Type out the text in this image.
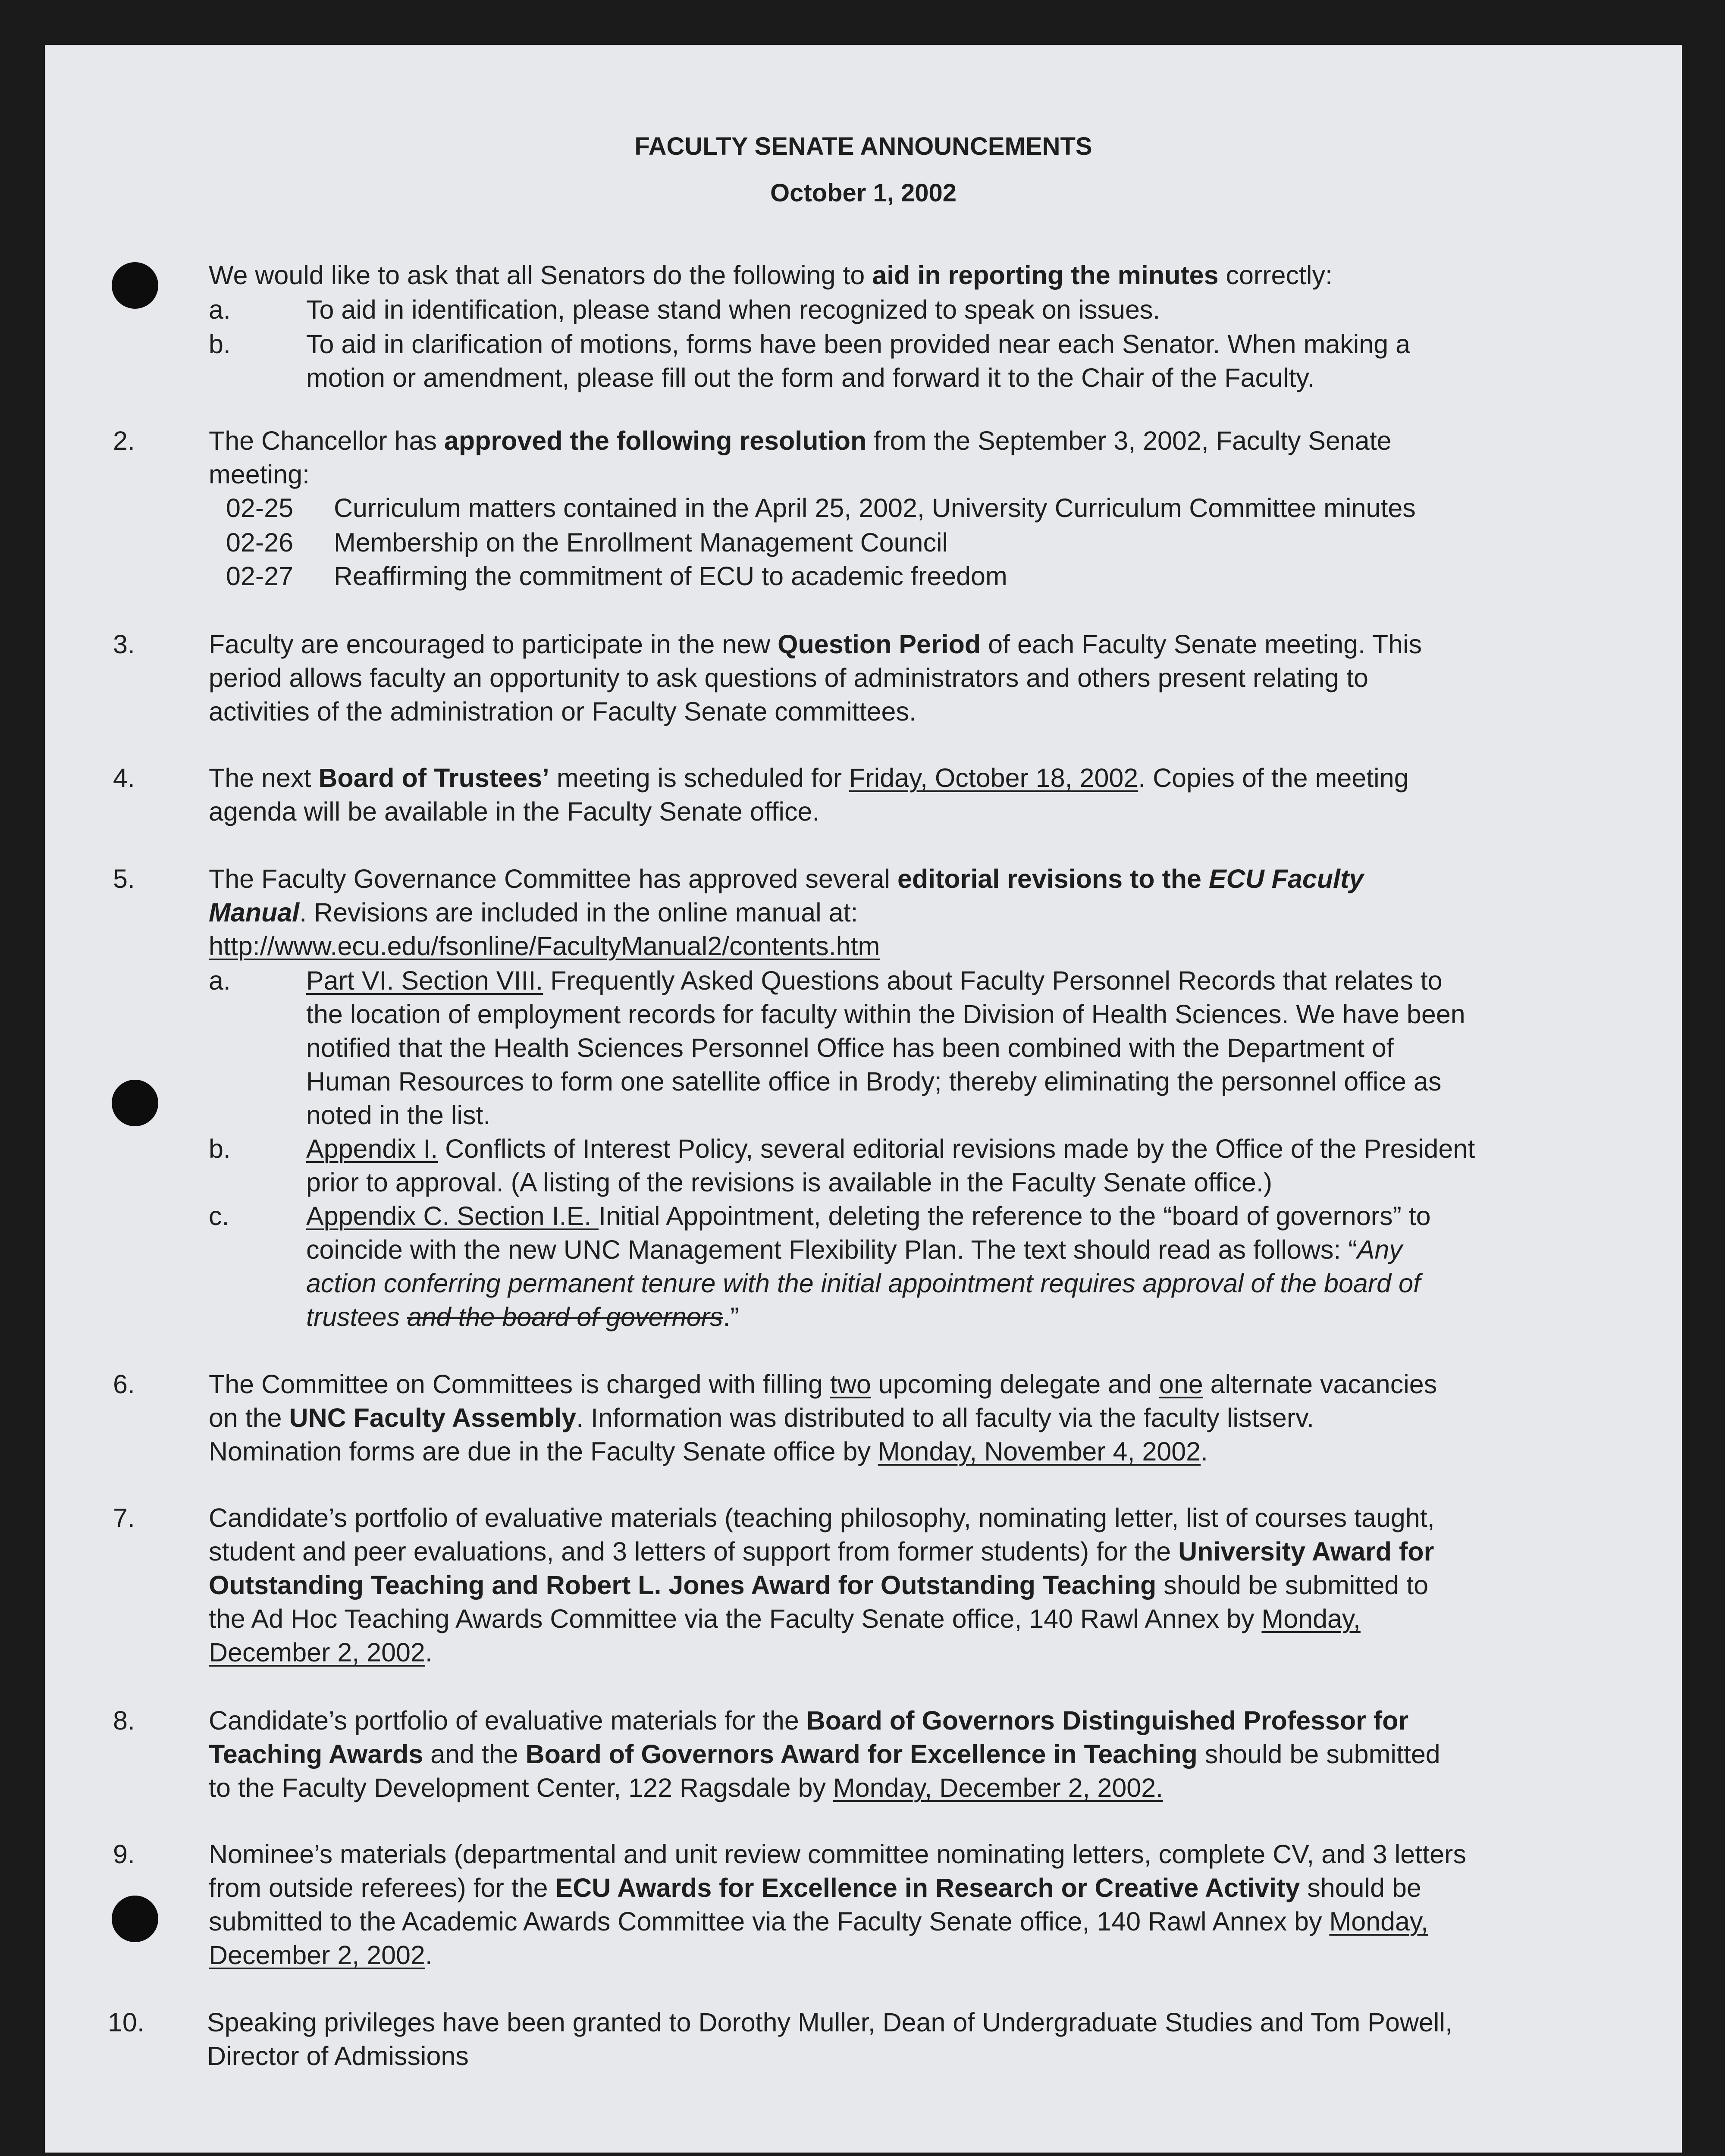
FACULTY SENATE ANNOUNCEMENTS
October 1, 2002
We would like to ask that all Senators do the following to aid in reporting the minutes correctly:
a.	To aid in identification, please stand when recognized to speak on issues.
b.	To aid in clarification of motions, forms have been provided near each Senator. When making a
motion or amendment, please fill out the form and forward it to the Chair of the Faculty.
2.	The Chancellor has approved the following resolution from the September 3, 2002, Faculty Senate
meeting:
02-25 Curriculum matters contained in the April 25, 2002, University Curriculum Committee minutes
02-26 Membership on the Enrollment Management Council
02-27 Reaffirming the commitment of ECU to academic freedom
3.	Faculty are encouraged to participate in the new Question Period of each Faculty Senate meeting. This
period allows faculty an opportunity to ask questions of administrators and others present relating to
activities of the administration or Faculty Senate committees.
4.	The next Board of Trustees’ meeting is scheduled for Friday, October 18, 2002. Copies of the meeting
agenda will be available in the Faculty Senate office.
5.	The Faculty Governance Committee has approved several editorial revisions to the ECU Faculty
Manual. Revisions are included in the online manual at:
http://www.ecu.edu/fsonline/FacultyManual2/contents.htm
a.	Part VI. Section VIII. Frequently Asked Questions about Faculty Personnel Records that relates to
the location of employment records for faculty within the Division of Health Sciences. We have been
notified that the Health Sciences Personnel Office has been combined with the Department of
Human Resources to form one satellite office in Brody; thereby eliminating the personnel office as
noted in the list.
b.	Appendix I. Conflicts of Interest Policy, several editorial revisions made by the Office of the President
prior to approval. (A listing of the revisions is available in the Faculty Senate office.)
c.	Appendix C. Section I.E. Initial Appointment, deleting the reference to the “board of governors” to
coincide with the new UNC Management Flexibility Plan. The text should read as follows: “Any
action conferring permanent tenure with the initial appointment requires approval of the board of
trustees and the board of governors.”
6.	The Committee on Committees is charged with filling two upcoming delegate and one alternate vacancies
on the UNC Faculty Assembly. Information was distributed to all faculty via the faculty listserv.
Nomination forms are due in the Faculty Senate office by Monday, November 4, 2002.
7.	Candidate’s portfolio of evaluative materials (teaching philosophy, nominating letter, list of courses taught,
student and peer evaluations, and 3 letters of support from former students) for the University Award for
Outstanding Teaching and Robert L. Jones Award for Outstanding Teaching should be submitted to
the Ad Hoc Teaching Awards Committee via the Faculty Senate office, 140 Rawl Annex by Monday,
December 2, 2002.
8.	Candidate’s portfolio of evaluative materials for the Board of Governors Distinguished Professor for
Teaching Awards and the Board of Governors Award for Excellence in Teaching should be submitted
to the Faculty Development Center, 122 Ragsdale by Monday, December 2, 2002.
9.	Nominee’s materials (departmental and unit review committee nominating letters, complete CV, and 3 letters
from outside referees) for the ECU Awards for Excellence in Research or Creative Activity should be
submitted to the Academic Awards Committee via the Faculty Senate office, 140 Rawl Annex by Monday,
December 2, 2002.
10. Speaking privileges have been granted to Dorothy Muller, Dean of Undergraduate Studies and Tom Powell,
Director of Admissions
